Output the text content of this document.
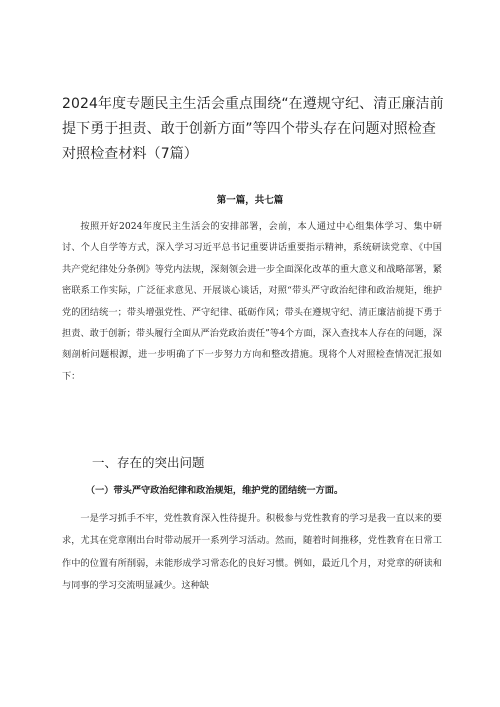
2024年度专题民主生活会重点围绕“在遵规守纪、清正廉洁前提下勇于担责、敢于创新方面”等四个带头存在问题对照检查对照检查材料（7篇）
第一篇，共七篇

按照开好2024年度民主生活会的安排部署，会前，本人通过中心组集体学习、集中研讨、个人自学等方式，深入学习习近平总书记重要讲话重要指示精神，系统研读党章、《中国共产党纪律处分条例》等党内法规，深刻领会进一步全面深化改革的重大意义和战略部署，紧密联系工作实际，广泛征求意见、开展谈心谈话，对照“带头严守政治纪律和政治规矩，维护党的团结统一；带头增强党性、严守纪律、砥砺作风；带头在遵规守纪、清正廉洁前提下勇于担责、敢于创新；带头履行全面从严治党政治责任”等4个方面，深入查找本人存在的问题，深刻剖析问题根源，进一步明确了下一步努力方向和整改措施。现将个人对照检查情况汇报如下：

一、存在的突出问题
（一）带头严守政治纪律和政治规矩，维护党的团结统一方面。

一是学习抓手不牢，党性教育深入性待提升。积极参与党性教育的学习是我一直以来的要求，尤其在党章刚出台时带动展开一系列学习活动。然而，随着时间推移，党性教育在日常工作中的位置有所削弱，未能形成学习常态化的良好习惯。例如，最近几个月，对党章的研读和与同事的学习交流明显减少。这种缺
